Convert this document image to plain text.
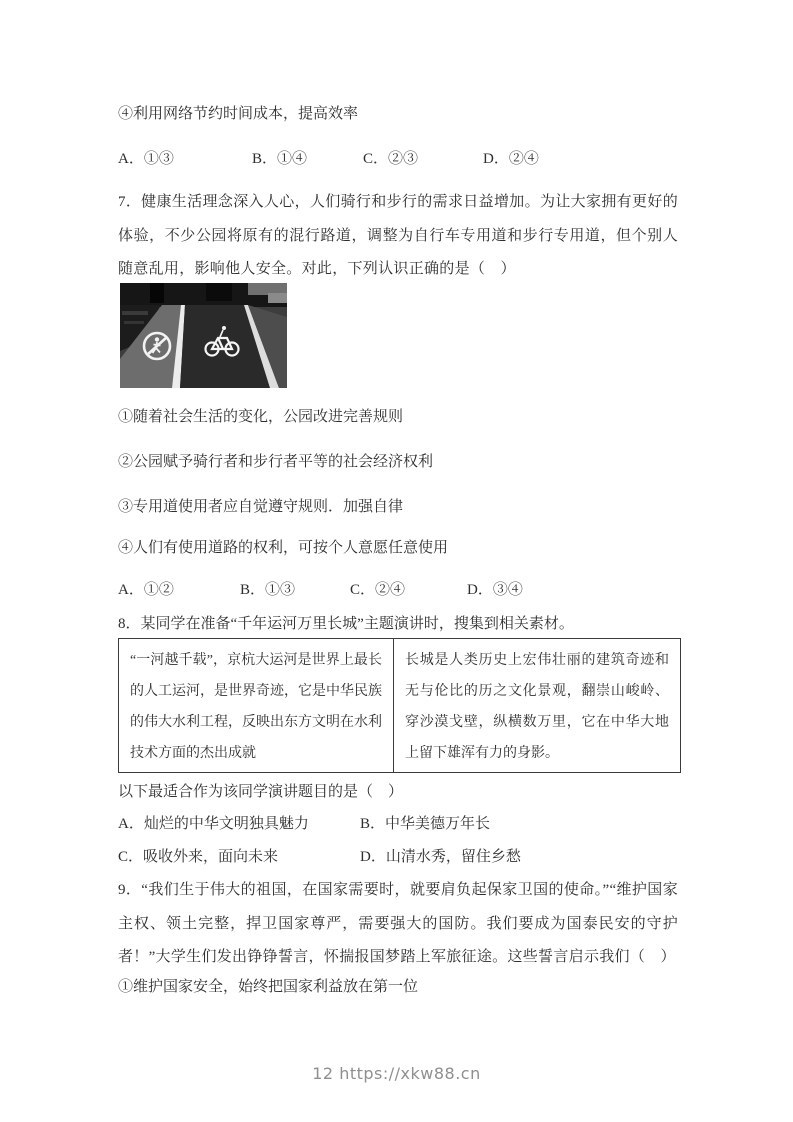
④利用网络节约时间成本，提高效率
A．①③	B．①④	C．②③	D．②④
7．健康生活理念深入人心，人们骑行和步行的需求日益增加。为让大家拥有更好的体验，不少公园将原有的混行路道，调整为自行车专用道和步行专用道，但个别人随意乱用，影响他人安全。对此，下列认识正确的是（　）
①随着社会生活的变化，公园改进完善规则
②公园赋予骑行者和步行者平等的社会经济权利
③专用道使用者应自觉遵守规则．加强自律
④人们有使用道路的权利，可按个人意愿任意使用
A．①②	B．①③	C．②④	D．③④
8．某同学在准备“千年运河万里长城”主题演讲时，搜集到相关素材。
“一河越千载”，京杭大运河是世界上最长的人工运河，是世界奇迹，它是中华民族的伟大水利工程，反映出东方文明在水利技术方面的杰出成就
长城是人类历史上宏伟壮丽的建筑奇迹和无与伦比的历之文化景观，翻崇山峻岭、穿沙漠戈壁，纵横数万里，它在中华大地上留下雄浑有力的身影。
以下最适合作为该同学演讲题目的是（　）
A．灿烂的中华文明独具魅力	B．中华美德万年长
C．吸收外来，面向未来	D．山清水秀，留住乡愁
9．“我们生于伟大的祖国，在国家需要时，就要肩负起保家卫国的使命。”“维护国家主权、领土完整，捍卫国家尊严，需要强大的国防。我们要成为国泰民安的守护者！”大学生们发出铮铮誓言，怀揣报国梦踏上军旅征途。这些誓言启示我们（　）
①维护国家安全，始终把国家利益放在第一位
12 https://xkw88.cn
